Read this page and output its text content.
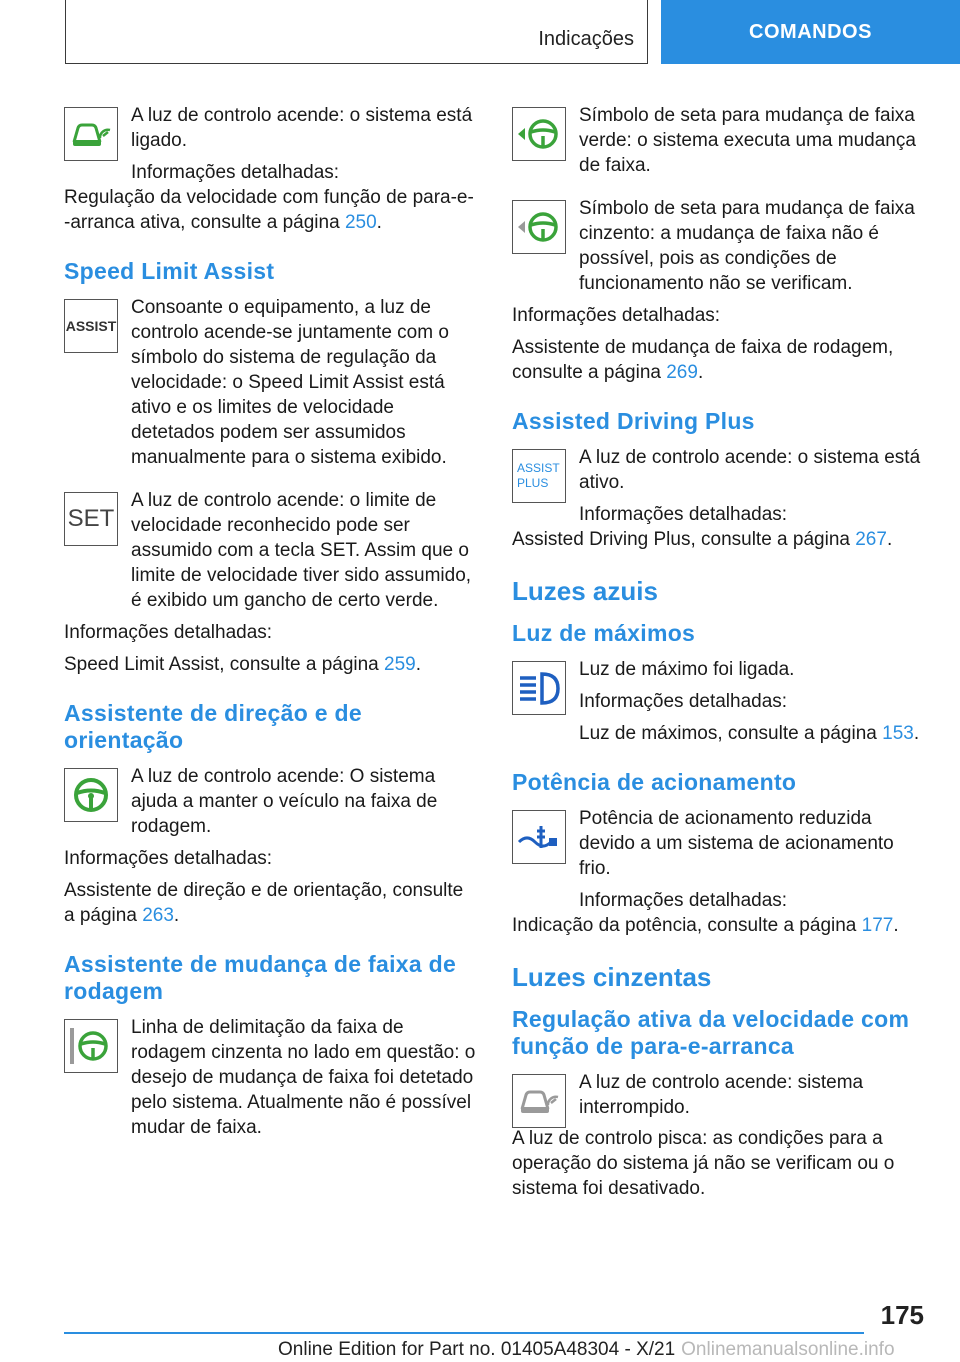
Indicações	COMANDOS

A luz de controlo acende: o sistema está ligado.

Informações detalhadas:

Regulação da velocidade com função de para-e--arranca ativa, consulte a página 250.

Speed Limit Assist
ASSIST

Consoante o equipamento, a luz de controlo acende-se juntamente com o símbolo do sistema de regulação da velocidade: o Speed Limit Assist está ativo e os limites de velocidade detetados podem ser assumidos manualmente para o sistema exibido.

SET

A luz de controlo acende: o limite de velocidade reconhecido pode ser assumido com a tecla SET. Assim que o limite de velocidade tiver sido assumido, é exibido um gancho de certo verde.

Informações detalhadas:

Speed Limit Assist, consulte a página 259.

Assistente de direção e de orientação

A luz de controlo acende: O sistema ajuda a manter o veículo na faixa de rodagem.

Informações detalhadas:

Assistente de direção e de orientação, consulte a página 263.

Assistente de mudança de faixa de rodagem

Linha de delimitação da faixa de rodagem cinzenta no lado em questão: o desejo de mudança de faixa foi detetado pelo sistema. Atualmente não é possível mudar de faixa.

Símbolo de seta para mudança de faixa verde: o sistema executa uma mudança de faixa.

Símbolo de seta para mudança de faixa cinzento: a mudança de faixa não é possível, pois as condições de funcionamento não se verificam.

Informações detalhadas:

Assistente de mudança de faixa de rodagem, consulte a página 269.

Assisted Driving Plus
ASSIST
PLUS

A luz de controlo acende: o sistema está ativo.

Informações detalhadas:

Assisted Driving Plus, consulte a página 267.

Luzes azuis
Luz de máximos

Luz de máximo foi ligada.

Informações detalhadas:

Luz de máximos, consulte a página 153.

Potência de acionamento

Potência de acionamento reduzida devido a um sistema de acionamento frio.

Informações detalhadas:

Indicação da potência, consulte a página 177.

Luzes cinzentas
Regulação ativa da velocidade com função de para-e-arranca

A luz de controlo acende: sistema interrompido.

A luz de controlo pisca: as condições para a operação do sistema já não se verificam ou o sistema foi desativado.

175
Online Edition for Part no. 01405A48304 - X/21 Onlinemanualsonline.info
